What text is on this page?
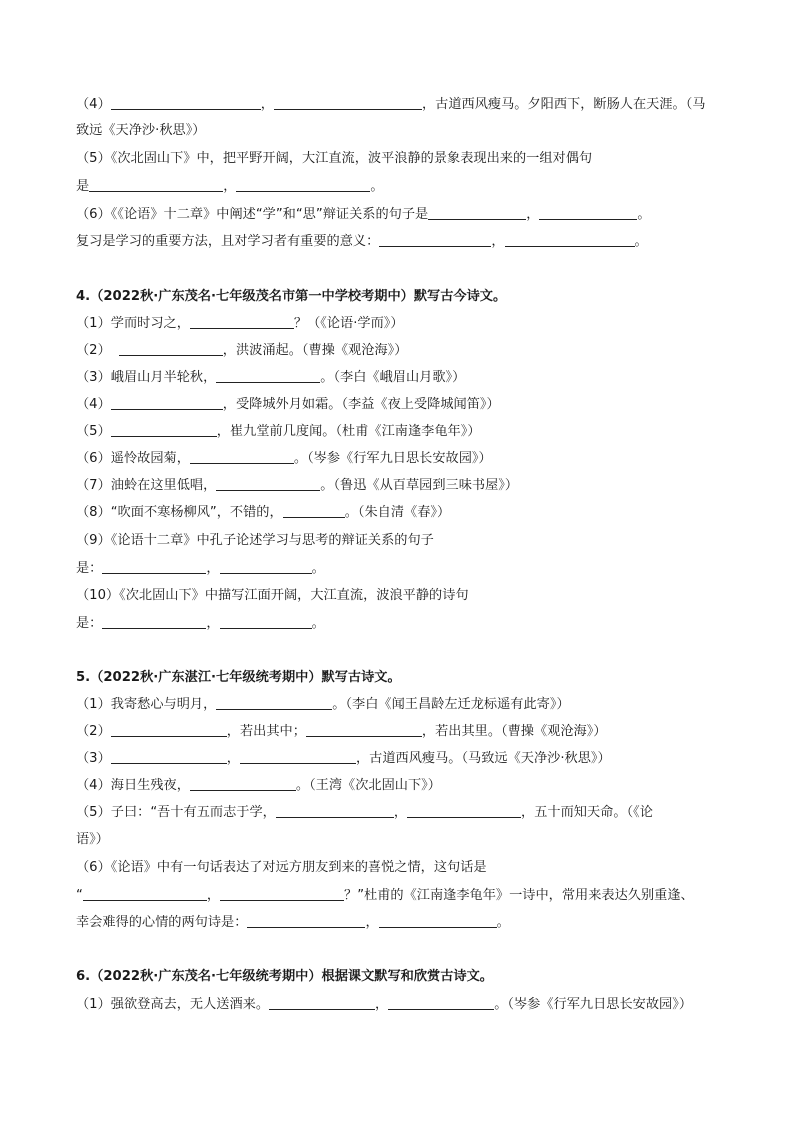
（4）	，	，古道西风瘦马。夕阳西下，断肠人在天涯。（马
致远《天净沙·秋思》）
（5）《次北固山下》中，把平野开阔，大江直流，波平浪静的景象表现出来的一组对偶句
是	，	。
（6）《《论语》十二章》中阐述“学”和“思”辩证关系的句子是	，	。
复习是学习的重要方法，且对学习者有重要的意义：	，	。
4.（2022秋·广东茂名·七年级茂名市第一中学校考期中）默写古今诗文。
（1）学而时习之，	？（《论语·学而》）
（2）	，洪波涌起。（曹操《观沧海》）
（3）峨眉山月半轮秋，	。（李白《峨眉山月歌》）
（4）	，受降城外月如霜。（李益《夜上受降城闻笛》）
（5）	，崔九堂前几度闻。（杜甫《江南逢李龟年》）
（6）遥怜故园菊，	。（岑参《行军九日思长安故园》）
（7）油蛉在这里低唱，	。（鲁迅《从百草园到三味书屋》）
（8）“吹面不寒杨柳风”，不错的，	。（朱自清《春》）
（9）《论语十二章》中孔子论述学习与思考的辩证关系的句子
是：	，	。
（10）《次北固山下》中描写江面开阔，大江直流，波浪平静的诗句
是：	，	。
5.（2022秋·广东湛江·七年级统考期中）默写古诗文。
（1）我寄愁心与明月，	。（李白《闻王昌龄左迁龙标遥有此寄》）
（2）	，若出其中；	，若出其里。（曹操《观沧海》）
（3）	，	，古道西风瘦马。（马致远《天净沙·秋思》）
（4）海日生残夜，	。（王湾《次北固山下》）
（5）子曰：“吾十有五而志于学，	，	，五十而知天命。（《论
语》）
（6）《论语》中有一句话表达了对远方朋友到来的喜悦之情，这句话是
“	，	？”杜甫的《江南逢李龟年》一诗中，常用来表达久别重逢、
幸会难得的心情的两句诗是：	，	。
6.（2022秋·广东茂名·七年级统考期中）根据课文默写和欣赏古诗文。
（1）强欲登高去，无人送酒来。	，	。（岑参《行军九日思长安故园》）
